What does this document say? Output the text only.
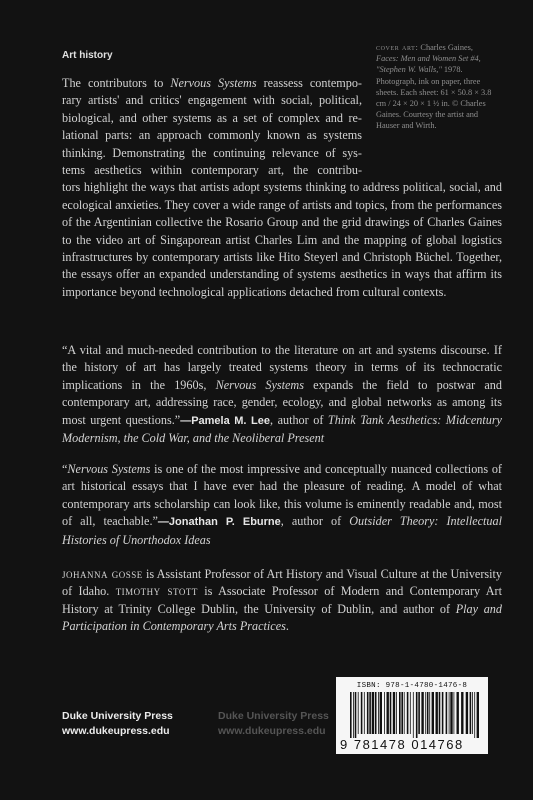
Art history
cover art: Charles Gaines, Faces: Men and Women Set #4, "Stephen W. Walls," 1978. Photograph, ink on paper, three sheets. Each sheet: 61 × 50.8 × 3.8 cm / 24 × 20 × 1 ½ in. © Charles Gaines. Courtesy the artist and Hauser and Wirth.
The contributors to Nervous Systems reassess contempo-
rary artists' and critics' engagement with social, political,
biological, and other systems as a set of complex and re-
lational parts: an approach commonly known as systems
thinking. Demonstrating the continuing relevance of sys-
tems aesthetics within contemporary art, the contribu-
tors highlight the ways that artists adopt systems thinking to address political, social, and ecological anxieties. They cover a wide range of artists and topics, from the performances of the Argentinian collective the Rosario Group and the grid drawings of Charles Gaines to the video art of Singaporean artist Charles Lim and the mapping of global logistics infrastructures by contemporary artists like Hito Steyerl and Christoph Büchel. Together, the essays offer an expanded understanding of systems aesthetics in ways that affirm its importance beyond technological applications detached from cultural contexts.
“A vital and much-needed contribution to the literature on art and systems discourse. If the history of art has largely treated systems theory in terms of its technocratic implications in the 1960s, Nervous Systems expands the field to postwar and contemporary art, addressing race, gender, ecology, and global networks as among its most urgent questions.”—Pamela M. Lee, author of Think Tank Aesthetics: Midcentury Modernism, the Cold War, and the Neoliberal Present
“Nervous Systems is one of the most impressive and conceptually nuanced collections of art historical essays that I have ever had the pleasure of reading. A model of what contemporary arts scholarship can look like, this volume is eminently readable and, most of all, teachable.”—Jonathan P. Eburne, author of Outsider Theory: Intellectual Histories of Unorthodox Ideas
johanna gosse is Assistant Professor of Art History and Visual Culture at the University of Idaho. timothy stott is Associate Professor of Modern and Contemporary Art History at Trinity College Dublin, the University of Dublin, and author of Play and Participation in Contemporary Arts Practices.
Duke University Press
www.dukeupress.edu
Duke University Press
www.dukeupress.edu
ISBN: 978-1-4780-1476-8
9 781478 014768
